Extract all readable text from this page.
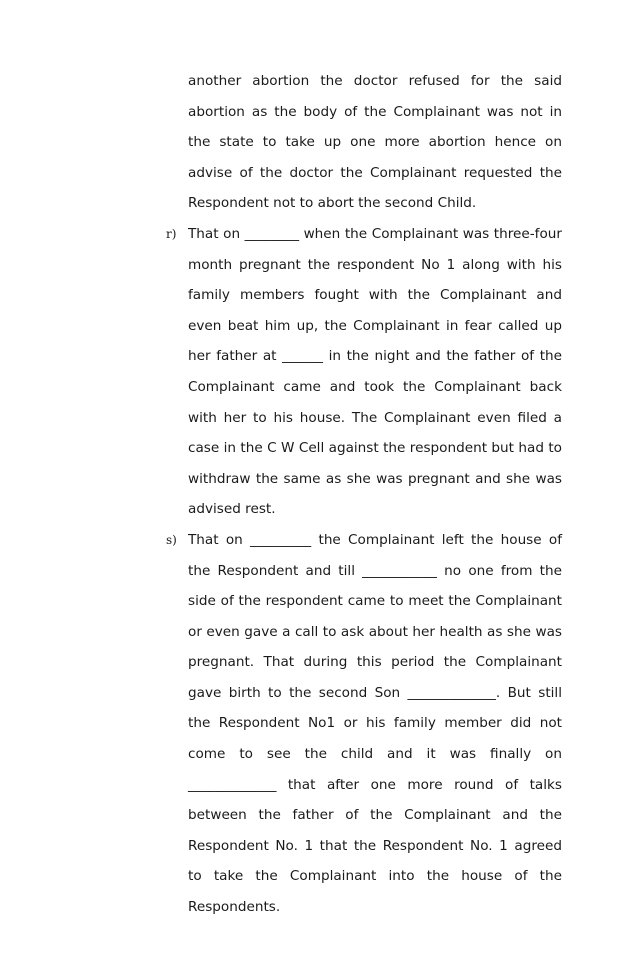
another abortion the doctor refused for the said abortion as the body of the Complainant was not in the state to take up one more abortion hence on advise of the doctor the Complainant requested the Respondent not to abort the second Child.

r) That on ________ when the Complainant was three-four month pregnant the respondent No 1 along with his family members fought with the Complainant and even beat him up, the Complainant in fear called up her father at ______ in the night and the father of the Complainant came and took the Complainant back with her to his house. The Complainant even filed a case in the C W Cell against the respondent but had to withdraw the same as she was pregnant and she was advised rest.

s) That on _________ the Complainant left the house of the Respondent and till ___________ no one from the side of the respondent came to meet the Complainant or even gave a call to ask about her health as she was pregnant. That during this period the Complainant gave birth to the second Son _____________. But still the Respondent No1 or his family member did not come to see the child and it was finally on _____________ that after one more round of talks between the father of the Complainant and the Respondent No. 1 that the Respondent No. 1 agreed to take the Complainant into the house of the Respondents.
